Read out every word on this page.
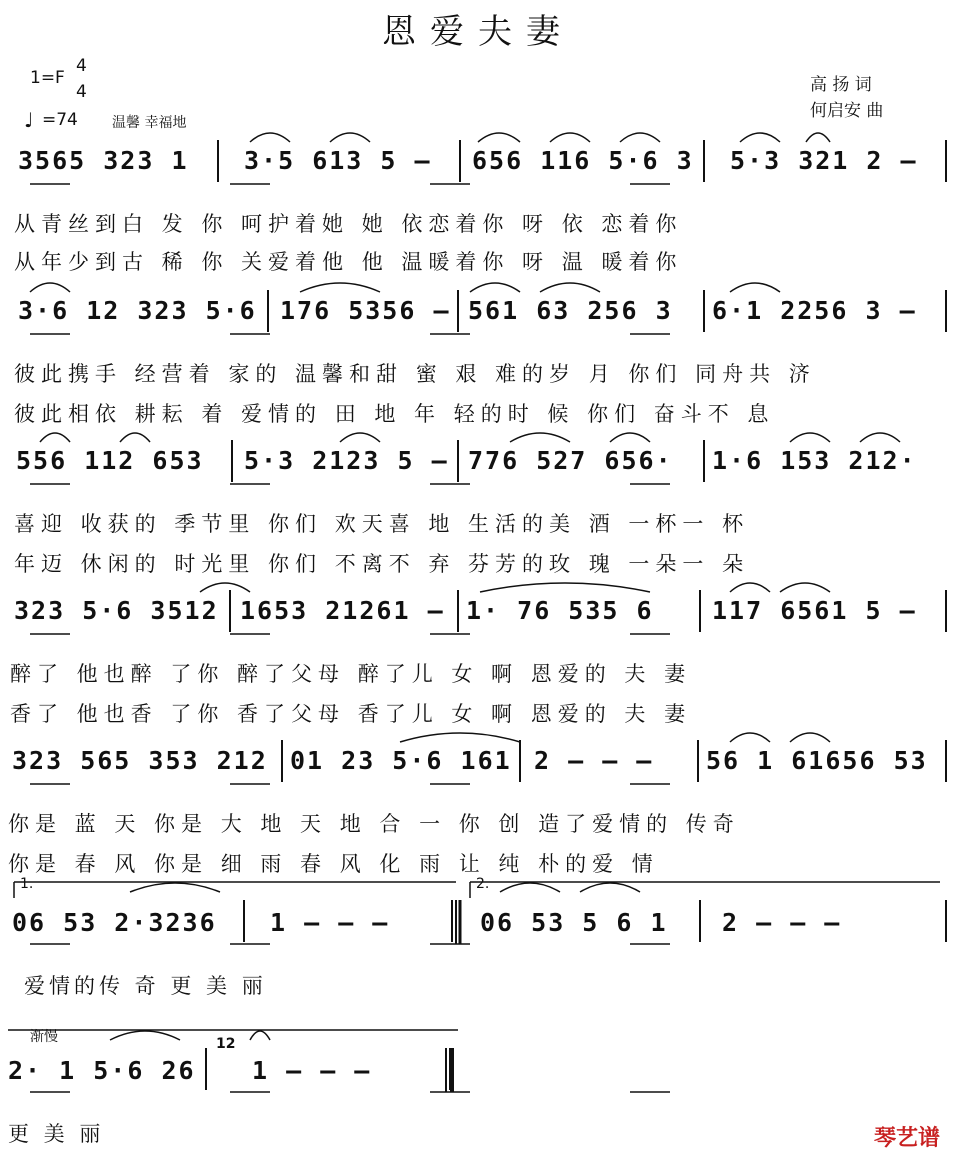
恩爱夫妻
1=F
4
4
♩ =74 温馨 幸福地
高 扬 词
何启安 曲
3565 323 1 3·5 613 5 – 656 116 5·6 3 5·3 321 2 –
从青丝到白 发 你 呵护着她 她 依恋着你 呀 依 恋着你
从年少到古 稀 你 关爱着他 他 温暖着你 呀 温 暖着你
3·6 12 323 5·6 176 5356 – 561 63 256 3 6·1 2256 3 –
彼此携手 经营着 家的 温馨和甜 蜜 艰 难的岁 月 你们 同舟共 济
彼此相依 耕耘 着 爱情的 田 地 年 轻的时 候 你们 奋斗不 息
556 112 653 5·3 2123 5 – 776 527 656· 1·6 153 212·
喜迎 收获的 季节里 你们 欢天喜 地 生活的美 酒 一杯一 杯
年迈 休闲的 时光里 你们 不离不 弃 芬芳的玫 瑰 一朵一 朵
323 5·6 3512 1653 21261 – 1· 76 535 6 117 6561 5 –
醉了 他也醉 了你 醉了父母 醉了儿 女 啊 恩爱的 夫 妻
香了 他也香 了你 香了父母 香了儿 女 啊 恩爱的 夫 妻
323 565 353 212 01 23 5·6 161 2 – – – 56 1 61656 53
你是 蓝 天 你是 大 地 天 地 合 一 你 创 造了爱情的 传奇
你是 春 风 你是 细 雨 春 风 化 雨 让 纯 朴的爱 情
1.	2.
06 53 2·3236 1 – – –	06 53 5 6 1 2 – – –
爱情的传 奇 更 美 丽
渐慢	12
2· 1 5·6 26 1 – – –
更 美 丽	琴艺谱
